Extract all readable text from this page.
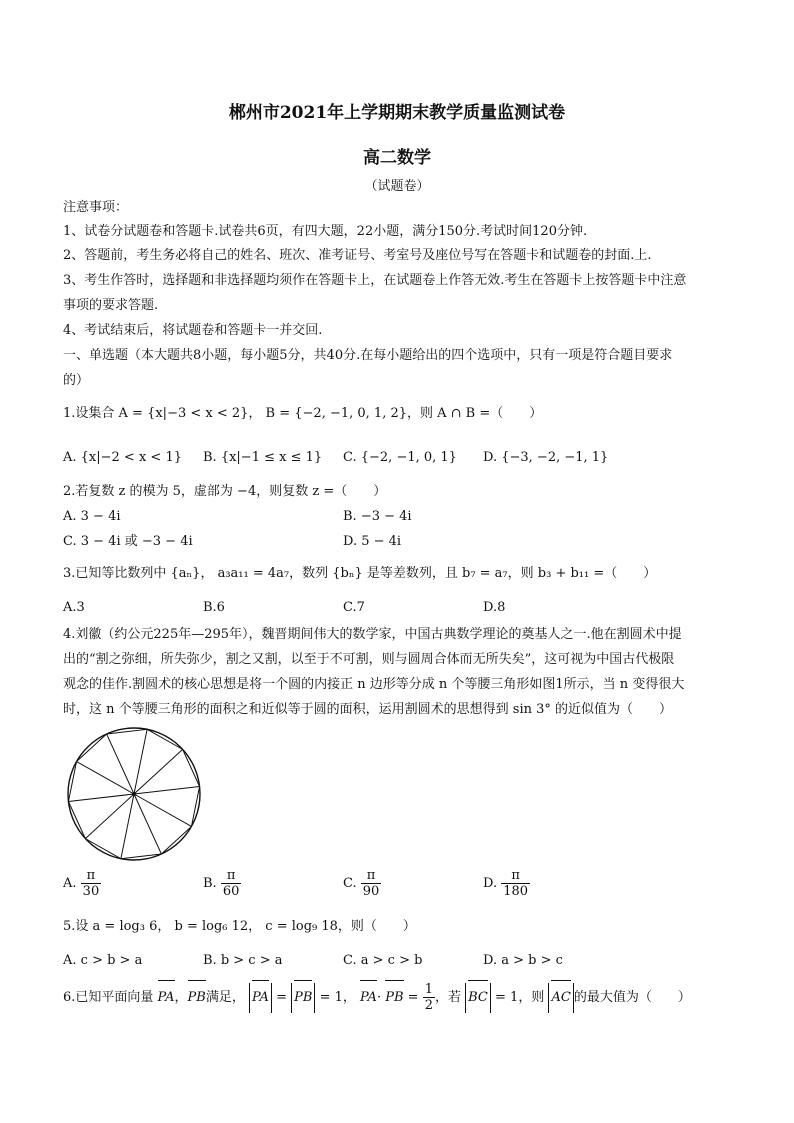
郴州市2021年上学期期末教学质量监测试卷
高二数学
（试题卷）
注意事项：
1、试卷分试题卷和答题卡.试卷共6页，有四大题，22小题，满分150分.考试时间120分钟.
2、答题前，考生务必将自己的姓名、班次、准考证号、考室号及座位号写在答题卡和试题卷的封面.上.
3、考生作答时，选择题和非选择题均须作在答题卡上，在试题卷上作答无效.考生在答题卡上按答题卡中注意
事项的要求答题.
4、考试结束后，将试题卷和答题卡一并交回.
一、单选题（本大题共8小题，每小题5分，共40分.在每小题给出的四个选项中，只有一项是符合题目要求
的）
1.设集合 A = {x|−3 < x < 2}， B = {−2, −1, 0, 1, 2}，则 A ∩ B =（　　）
A. {x|−2 < x < 1} B. {x|−1 ≤ x ≤ 1} C. {−2, −1, 0, 1} D. {−3, −2, −1, 1}
2.若复数 z 的模为 5，虚部为 −4，则复数 z =（　　）
A. 3 − 4i	B. −3 − 4i
C. 3 − 4i 或 −3 − 4i	D. 5 − 4i
3.已知等比数列中 {aₙ}， a₃a₁₁ = 4a₇，数列 {bₙ} 是等差数列，且 b₇ = a₇，则 b₃ + b₁₁ =（　　）
A.3	B.6	C.7	D.8
4.刘徽（约公元225年—295年），魏晋期间伟大的数学家，中国古典数学理论的奠基人之一.他在割圆术中提
出的“割之弥细，所失弥少，割之又割，以至于不可割，则与圆周合体而无所失矣”，这可视为中国古代极限
观念的佳作.割圆术的核心思想是将一个圆的内接正 n 边形等分成 n 个等腰三角形如图1所示，当 n 变得很大
时，这 n 个等腰三角形的面积之和近似等于圆的面积，运用割圆术的思想得到 sin 3° 的近似值为（　　）
A. $\frac{\pi}{30}$	B. $\frac{\pi}{60}$	C. $\frac{\pi}{90}$	D. $\frac{\pi}{180}$
5.设 a = log₃ 6， b = log₆ 12， c = log₉ 18，则（　　）
A. c > b > a	B. b > c > a	C. a > c > b	D. a > b > c
6.已知平面向量 PA，PB满足， PA = PB = 1， PA· PB = $\frac{1}{2}$ ，若 BC = 1，则 AC 的最大值为（　　）
